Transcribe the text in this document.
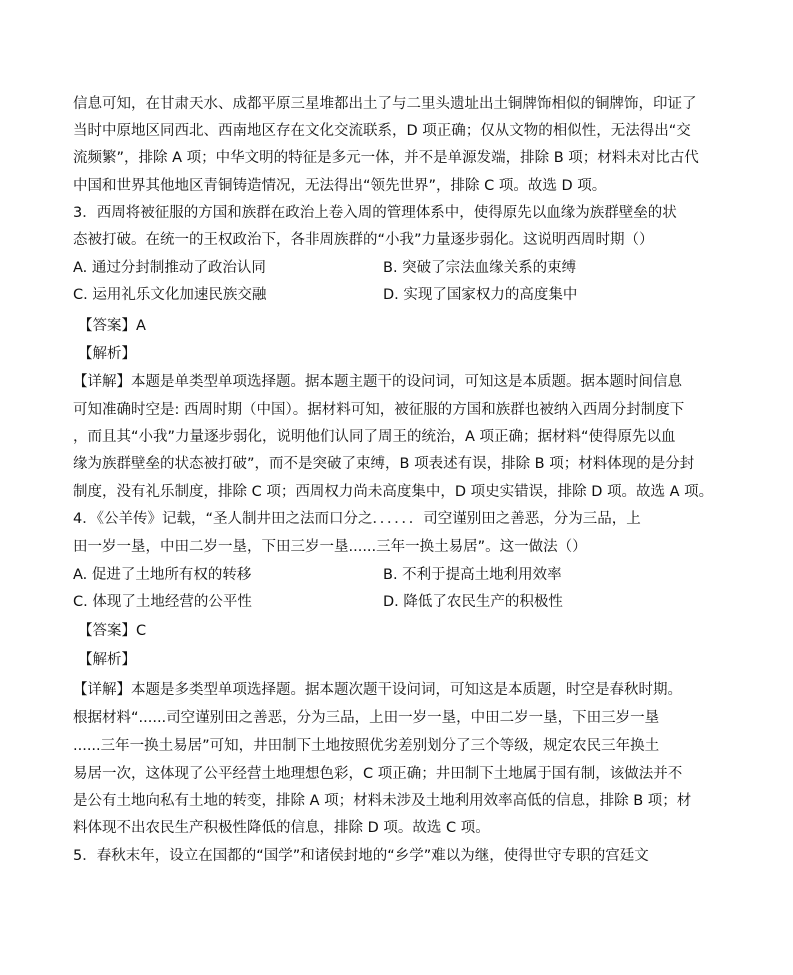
信息可知，在甘肃天水、成都平原三星堆都出土了与二里头遗址出土铜牌饰相似的铜牌饰，印证了
当时中原地区同西北、西南地区存在文化交流联系，D 项正确；仅从文物的相似性，无法得出“交
流频繁”，排除 A 项；中华文明的特征是多元一体，并不是单源发端，排除 B 项；材料未对比古代
中国和世界其他地区青铜铸造情况，无法得出“领先世界”，排除 C 项。故选 D 项。
3．西周将被征服的方国和族群在政治上卷入周的管理体系中，使得原先以血缘为族群壁垒的状
态被打破。在统一的王权政治下，各非周族群的“小我”力量逐步弱化。这说明西周时期（）
A. 通过分封制推动了政治认同	B. 突破了宗法血缘关系的束缚
C. 运用礼乐文化加速民族交融	D. 实现了国家权力的高度集中
【答案】A
【解析】
【详解】本题是单类型单项选择题。据本题主题干的设问词，可知这是本质题。据本题时间信息
可知准确时空是: 西周时期（中国）。据材料可知，被征服的方国和族群也被纳入西周分封制度下
，而且其“小我”力量逐步弱化，说明他们认同了周王的统治，A 项正确；据材料“使得原先以血
缘为族群壁垒的状态被打破”，而不是突破了束缚，B 项表述有误，排除 B 项；材料体现的是分封
制度，没有礼乐制度，排除 C 项；西周权力尚未高度集中，D 项史实错误，排除 D 项。故选 A 项。
4．《公羊传》记载，“圣人制井田之法而口分之．．．．．．司空谨别田之善恶，分为三品，上
田一岁一垦，中田二岁一垦，下田三岁一垦......三年一换土易居”。这一做法（）
A. 促进了土地所有权的转移	B. 不利于提高土地利用效率
C. 体现了土地经营的公平性	D. 降低了农民生产的积极性
【答案】C
【解析】
【详解】本题是多类型单项选择题。据本题次题干设问词，可知这是本质题，时空是春秋时期。
根据材料“......司空谨别田之善恶，分为三品，上田一岁一垦，中田二岁一垦，下田三岁一垦
......三年一换土易居”可知，井田制下土地按照优劣差别划分了三个等级，规定农民三年换土
易居一次，这体现了公平经营土地理想色彩，C 项正确；井田制下土地属于国有制，该做法并不
是公有土地向私有土地的转变，排除 A 项；材料未涉及土地利用效率高低的信息，排除 B 项；材
料体现不出农民生产积极性降低的信息，排除 D 项。故选 C 项。
5．春秋末年，设立在国都的“国学”和诸侯封地的“乡学”难以为继，使得世守专职的宫廷文
